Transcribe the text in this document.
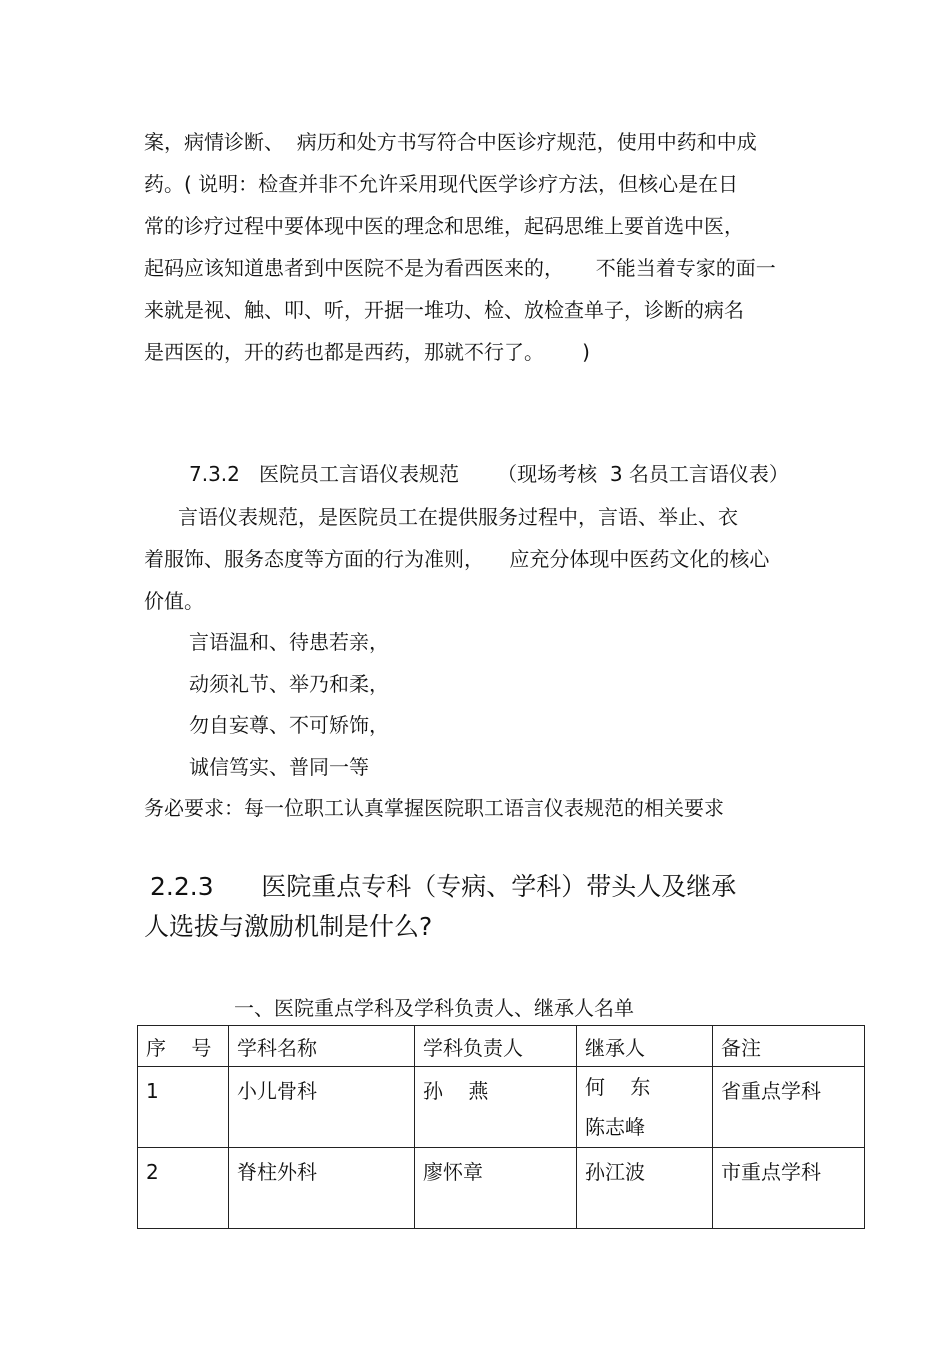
案，病情诊断、  病历和处方书写符合中医诊疗规范，使用中药和中成
药。( 说明：检查并非不允许采用现代医学诊疗方法，但核心是在日
常的诊疗过程中要体现中医的理念和思维，起码思维上要首选中医，
起码应该知道患者到中医院不是为看西医来的，     不能当着专家的面一
来就是视、触、叩、听，开据一堆功、检、放检查单子，诊断的病名
是西医的，开的药也都是西药，那就不行了。      )
7.3.2   医院员工言语仪表规范      （现场考核  3 名员工言语仪表）
言语仪表规范，是医院员工在提供服务过程中，言语、举止、衣
着服饰、服务态度等方面的行为准则，    应充分体现中医药文化的核心
价值。
言语温和、待患若亲，
动须礼节、举乃和柔，
勿自妄尊、不可矫饰，
诚信笃实、普同一等
务必要求：每一位职工认真掌握医院职工语言仪表规范的相关要求
2.2.3      医院重点专科（专病、学科）带头人及继承
人选拔与激励机制是什么?
一、医院重点学科及学科负责人、继承人名单
序    号	学科名称	学科负责人	继承人	备注
1	小儿骨科	孙    燕	何    东
陈志峰	省重点学科
2	脊柱外科	廖怀章	孙江波	市重点学科
